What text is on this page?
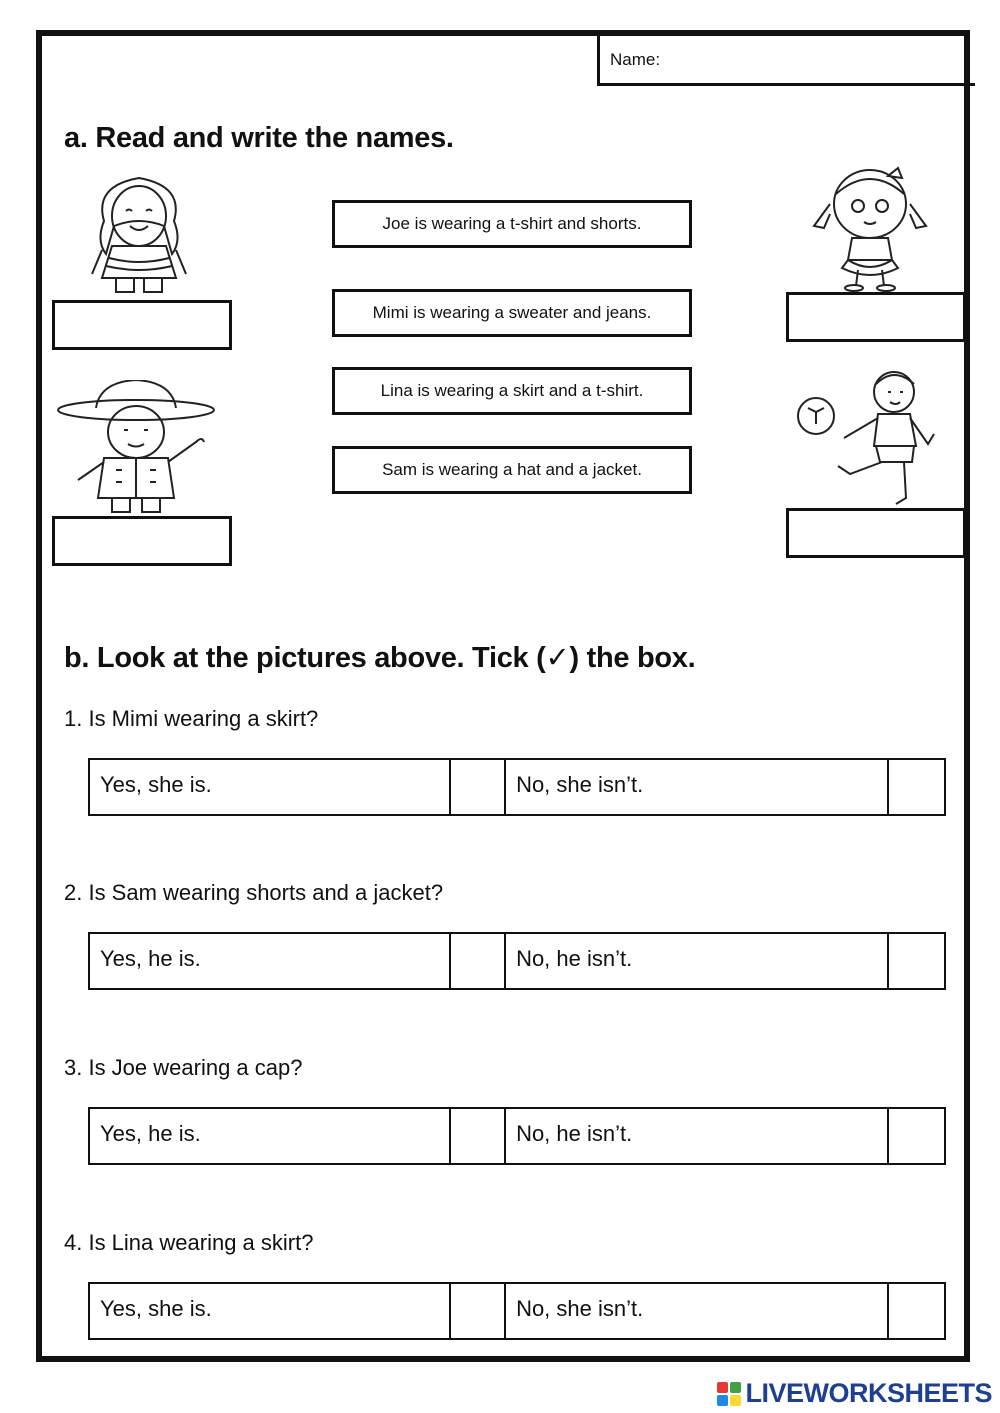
Name:
a. Read and write the names.
Joe is wearing a t-shirt and shorts.
Mimi is wearing a sweater and jeans.
Lina is wearing a skirt and a t-shirt.
Sam is wearing a hat and a jacket.
b. Look at the pictures above. Tick (✓) the box.
1. Is Mimi wearing a skirt?
Yes, she is.	No, she isn’t.
2. Is Sam wearing shorts and a jacket?
Yes, he is.	No, he isn’t.
3. Is Joe wearing a cap?
Yes, he is.	No, he isn’t.
4. Is Lina wearing a skirt?
Yes, she is.	No, she isn’t.
LIVEWORKSHEETS
